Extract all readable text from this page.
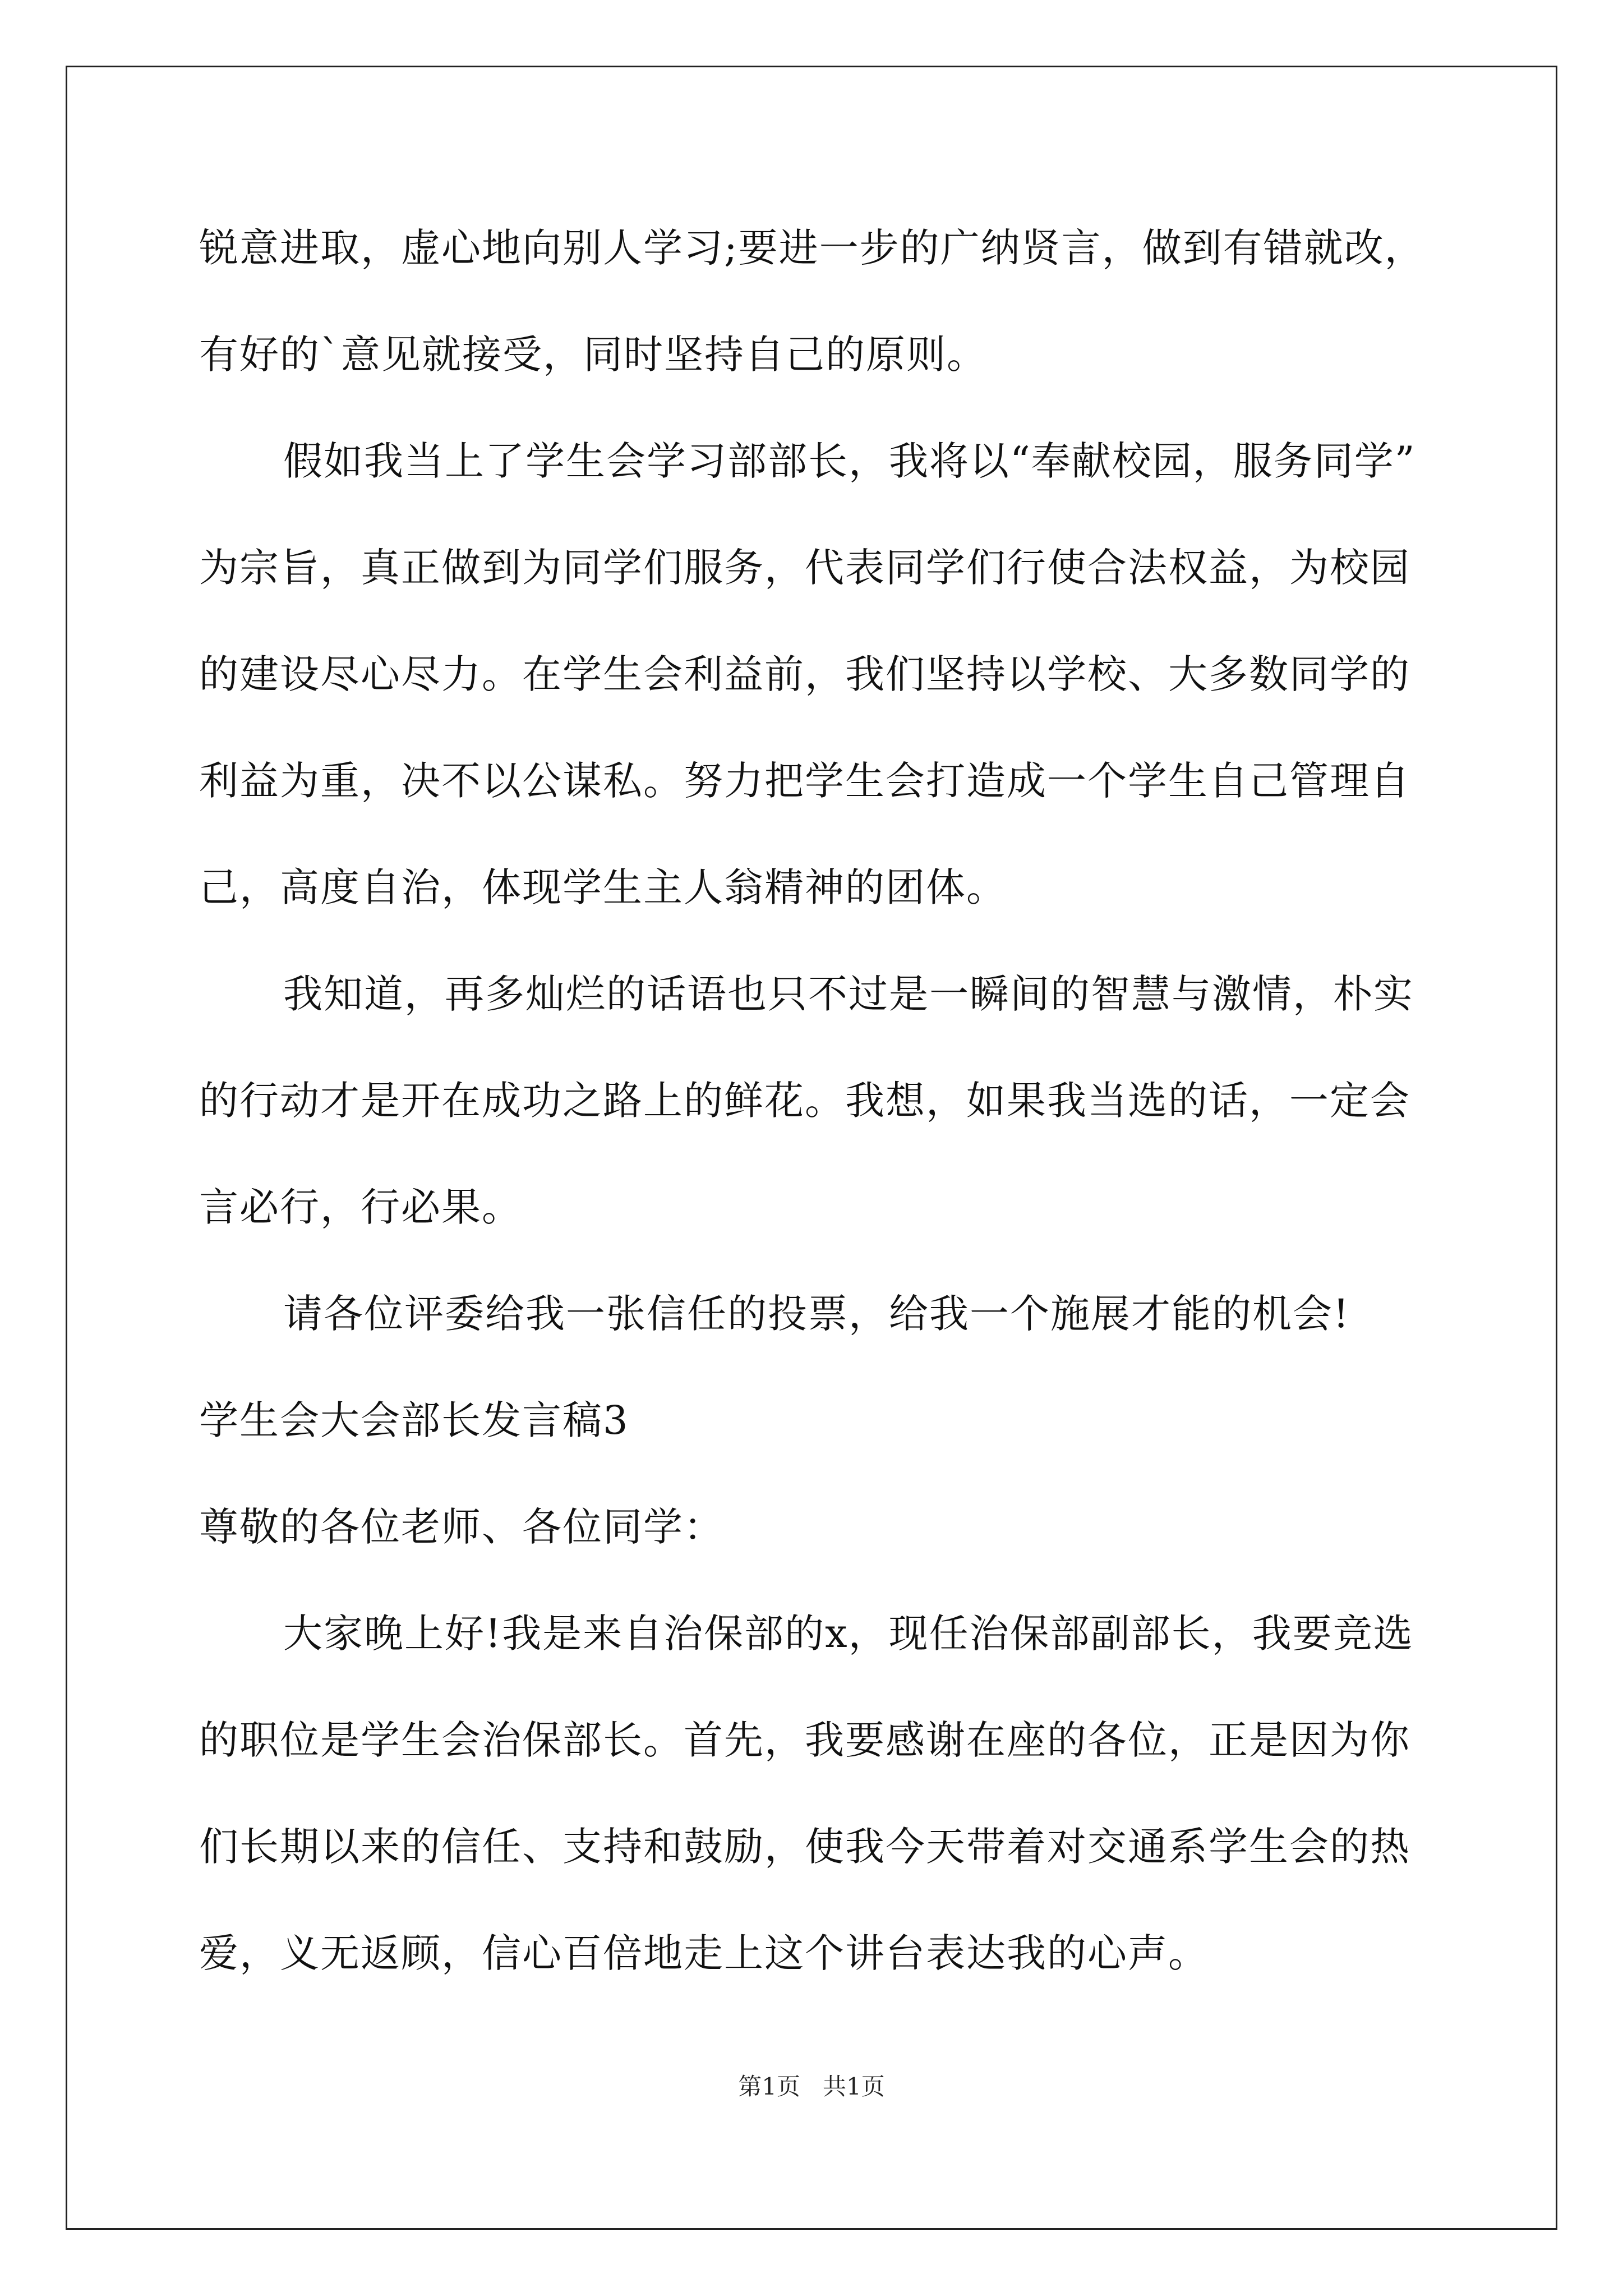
锐意进取，虚心地向别人学习;要进一步的广纳贤言，做到有错就改，
有好的`意见就接受，同时坚持自己的原则。
假如我当上了学生会学习部部长，我将以“奉献校园，服务同学”
为宗旨，真正做到为同学们服务，代表同学们行使合法权益，为校园
的建设尽心尽力。在学生会利益前，我们坚持以学校、大多数同学的
利益为重，决不以公谋私。努力把学生会打造成一个学生自己管理自
己，高度自治，体现学生主人翁精神的团体。
我知道，再多灿烂的话语也只不过是一瞬间的智慧与激情，朴实
的行动才是开在成功之路上的鲜花。我想，如果我当选的话，一定会
言必行，行必果。
请各位评委给我一张信任的投票，给我一个施展才能的机会!
学生会大会部长发言稿3
尊敬的各位老师、各位同学：
大家晚上好!我是来自治保部的x，现任治保部副部长，我要竞选
的职位是学生会治保部长。首先，我要感谢在座的各位，正是因为你
们长期以来的信任、支持和鼓励，使我今天带着对交通系学生会的热
爱，义无返顾，信心百倍地走上这个讲台表达我的心声。
第1页   共1页
